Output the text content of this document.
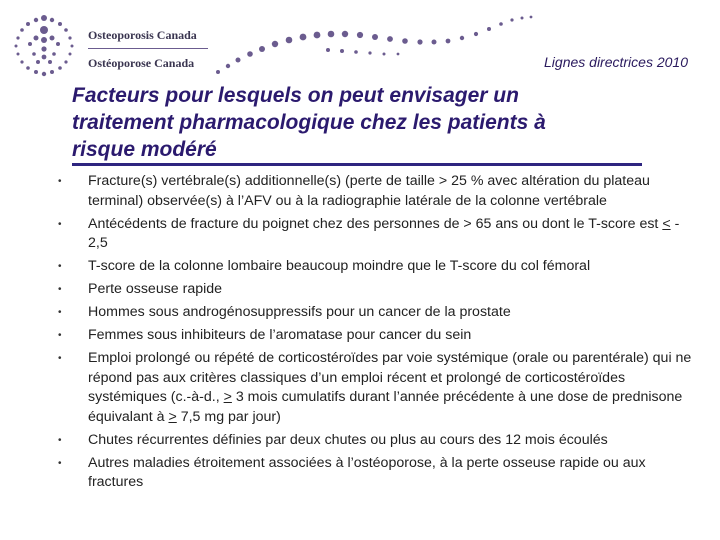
Osteoporosis Canada
Ostéoporose Canada	Lignes directrices 2010
Facteurs pour lesquels on peut envisager un
traitement pharmacologique chez les patients à
risque modéré
• Fracture(s) vertébrale(s) additionnelle(s) (perte de taille > 25 % avec altération du plateau terminal) observée(s) à l’AFV ou à la radiographie latérale de la colonne vertébrale
• Antécédents de fracture du poignet chez des personnes de > 65 ans ou dont le T-score est < - 2,5
• T-score de la colonne lombaire beaucoup moindre que le T-score du col fémoral
• Perte osseuse rapide
• Hommes sous androgénosuppressifs pour un cancer de la prostate
• Femmes sous inhibiteurs de l’aromatase pour cancer du sein
• Emploi prolongé ou répété de corticostéroïdes par voie systémique (orale ou parentérale) qui ne répond pas aux critères classiques d’un emploi récent et prolongé de corticostéroïdes systémiques (c.-à-d., > 3 mois cumulatifs durant l’année précédente à une dose de prednisone équivalant à > 7,5 mg par jour)
• Chutes récurrentes définies par deux chutes ou plus au cours des 12 mois écoulés
• Autres maladies étroitement associées à l’ostéoporose, à la perte osseuse rapide ou aux fractures
